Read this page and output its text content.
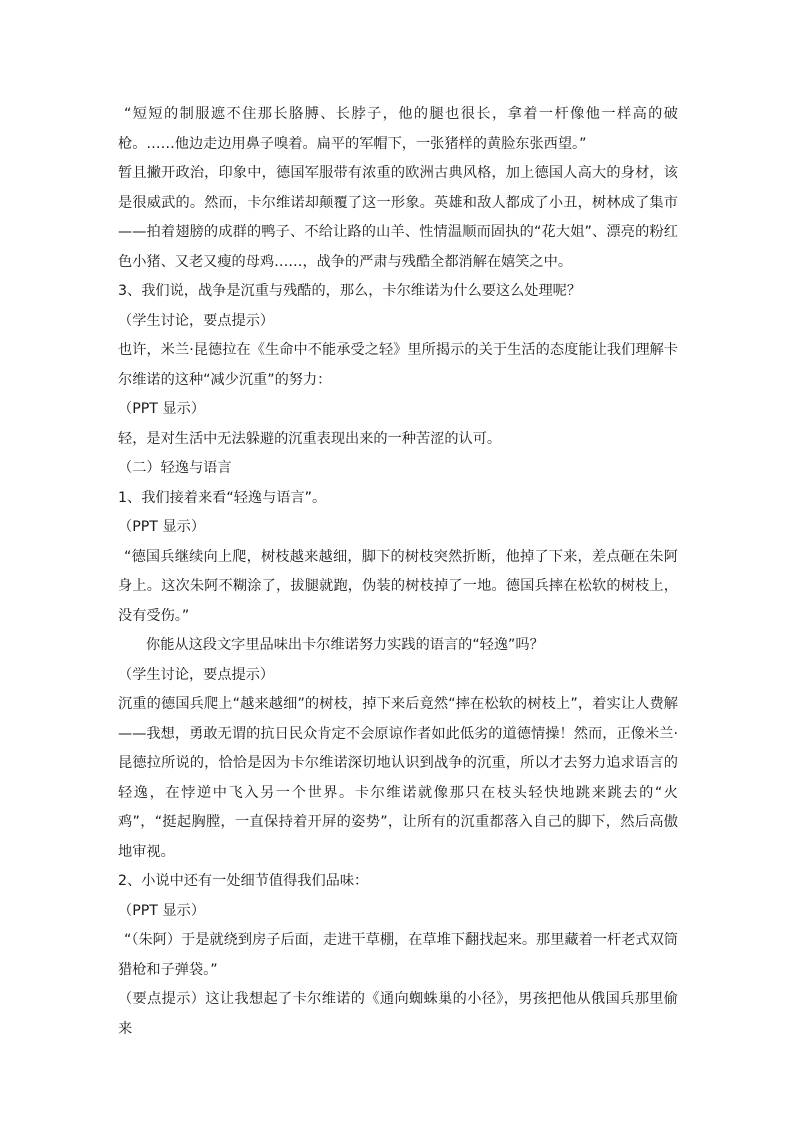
“短短的制服遮不住那长胳膊、长脖子，他的腿也很长，拿着一杆像他一样高的破枪。……他边走边用鼻子嗅着。扁平的军帽下，一张猪样的黄脸东张西望。”

暂且撇开政治，印象中，德国军服带有浓重的欧洲古典风格，加上德国人高大的身材，该是很威武的。然而，卡尔维诺却颠覆了这一形象。英雄和敌人都成了小丑，树林成了集市——拍着翅膀的成群的鸭子、不给让路的山羊、性情温顺而固执的“花大姐”、漂亮的粉红色小猪、又老又瘦的母鸡……，战争的严肃与残酷全都消解在嬉笑之中。

3、我们说，战争是沉重与残酷的，那么，卡尔维诺为什么要这么处理呢？

（学生讨论，要点提示）

也许，米兰·昆德拉在《生命中不能承受之轻》里所揭示的关于生活的态度能让我们理解卡尔维诺的这种“减少沉重”的努力：

（PPT 显示）

轻，是对生活中无法躲避的沉重表现出来的一种苦涩的认可。

（二）轻逸与语言

1、我们接着来看“轻逸与语言”。

（PPT 显示）

“德国兵继续向上爬，树枝越来越细，脚下的树枝突然折断，他掉了下来，差点砸在朱阿身上。这次朱阿不糊涂了，拔腿就跑，伪装的树枝掉了一地。德国兵摔在松软的树枝上，没有受伤。”

你能从这段文字里品味出卡尔维诺努力实践的语言的“轻逸”吗？

（学生讨论，要点提示）

沉重的德国兵爬上“越来越细”的树枝，掉下来后竟然“摔在松软的树枝上”，着实让人费解——我想，勇敢无谓的抗日民众肯定不会原谅作者如此低劣的道德情操！然而，正像米兰·昆德拉所说的，恰恰是因为卡尔维诺深切地认识到战争的沉重，所以才去努力追求语言的轻逸，在悖逆中飞入另一个世界。卡尔维诺就像那只在枝头轻快地跳来跳去的“火鸡”，“挺起胸膛，一直保持着开屏的姿势”，让所有的沉重都落入自己的脚下，然后高傲地审视。

2、小说中还有一处细节值得我们品味：

（PPT 显示）

“（朱阿）于是就绕到房子后面，走进干草棚，在草堆下翻找起来。那里藏着一杆老式双筒猎枪和子弹袋。”

（要点提示）这让我想起了卡尔维诺的《通向蜘蛛巢的小径》，男孩把他从俄国兵那里偷来
